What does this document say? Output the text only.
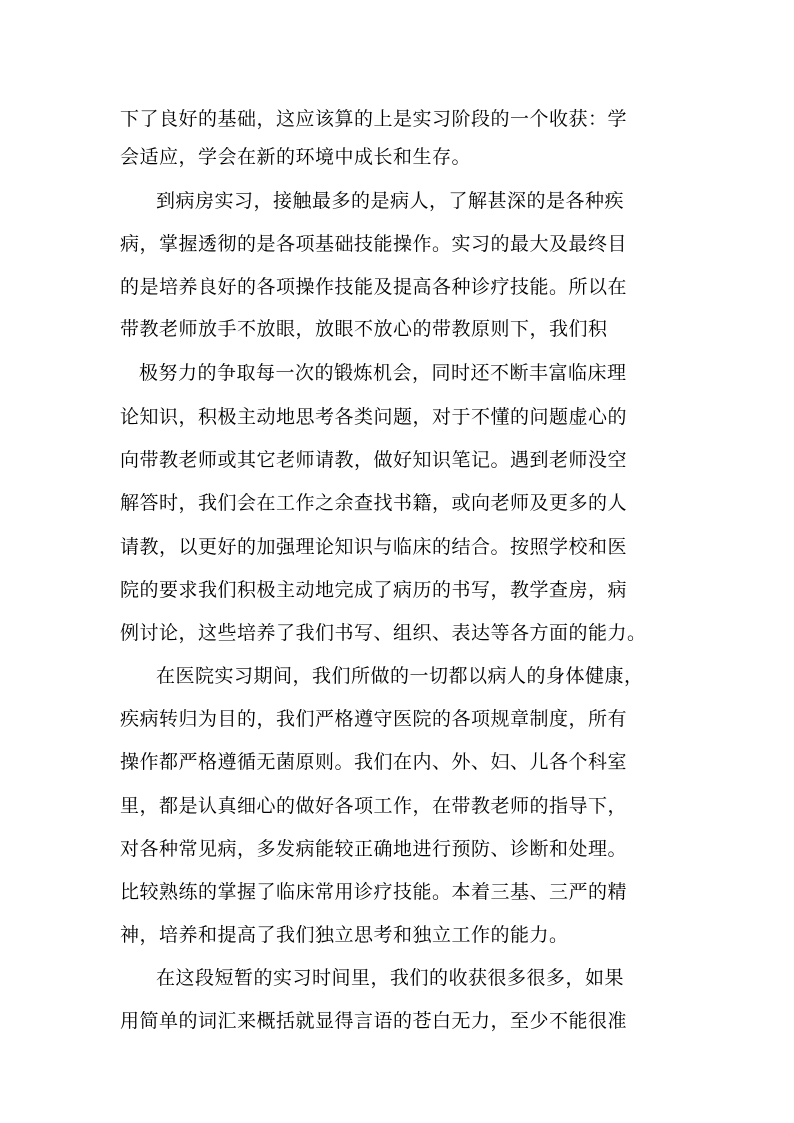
下了良好的基础，这应该算的上是实习阶段的一个收获：学
会适应，学会在新的环境中成长和生存。
到病房实习，接触最多的是病人，了解甚深的是各种疾
病，掌握透彻的是各项基础技能操作。实习的最大及最终目
的是培养良好的各项操作技能及提高各种诊疗技能。所以在
带教老师放手不放眼，放眼不放心的带教原则下，我们积
极努力的争取每一次的锻炼机会，同时还不断丰富临床理
论知识，积极主动地思考各类问题，对于不懂的问题虚心的
向带教老师或其它老师请教，做好知识笔记。遇到老师没空
解答时，我们会在工作之余查找书籍，或向老师及更多的人
请教，以更好的加强理论知识与临床的结合。按照学校和医
院的要求我们积极主动地完成了病历的书写，教学查房，病
例讨论，这些培养了我们书写、组织、表达等各方面的能力。
在医院实习期间，我们所做的一切都以病人的身体健康，
疾病转归为目的，我们严格遵守医院的各项规章制度，所有
操作都严格遵循无菌原则。我们在内、外、妇、儿各个科室
里，都是认真细心的做好各项工作，在带教老师的指导下，
对各种常见病，多发病能较正确地进行预防、诊断和处理。
比较熟练的掌握了临床常用诊疗技能。本着三基、三严的精
神，培养和提高了我们独立思考和独立工作的能力。
在这段短暂的实习时间里，我们的收获很多很多，如果
用简单的词汇来概括就显得言语的苍白无力，至少不能很准
